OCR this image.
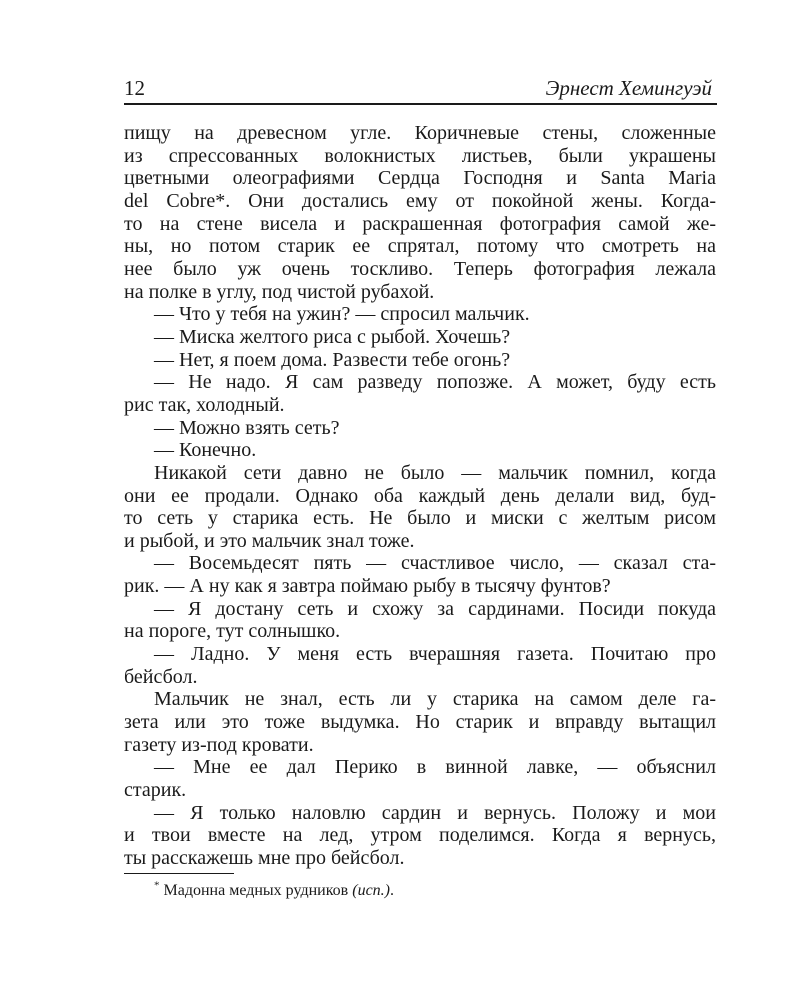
12	Эрнест Хемингуэй
пищу на древесном угле. Коричневые стены, сложенные
из спрессованных волокнистых листьев, были украшены
цветными олеографиями Сердца Господня и Santa Maria
del Cobre*. Они достались ему от покойной жены. Когда-
то на стене висела и раскрашенная фотография самой же-
ны, но потом старик ее спрятал, потому что смотреть на
нее было уж очень тоскливо. Теперь фотография лежала
на полке в углу, под чистой рубахой.
— Что у тебя на ужин? — спросил мальчик.
— Миска желтого риса с рыбой. Хочешь?
— Нет, я поем дома. Развести тебе огонь?
— Не надо. Я сам разведу попозже. А может, буду есть
рис так, холодный.
— Можно взять сеть?
— Конечно.
Никакой сети давно не было — мальчик помнил, когда
они ее продали. Однако оба каждый день делали вид, буд-
то сеть у старика есть. Не было и миски с желтым рисом
и рыбой, и это мальчик знал тоже.
— Восемьдесят пять — счастливое число, — сказал ста-
рик. — А ну как я завтра поймаю рыбу в тысячу фунтов?
— Я достану сеть и схожу за сардинами. Посиди покуда
на пороге, тут солнышко.
— Ладно. У меня есть вчерашняя газета. Почитаю про
бейсбол.
Мальчик не знал, есть ли у старика на самом деле га-
зета или это тоже выдумка. Но старик и вправду вытащил
газету из-под кровати.
— Мне ее дал Перико в винной лавке, — объяснил
старик.
— Я только наловлю сардин и вернусь. Положу и мои
и твои вместе на лед, утром поделимся. Когда я вернусь,
ты расскажешь мне про бейсбол.
* Мадонна медных рудников (исп.).
